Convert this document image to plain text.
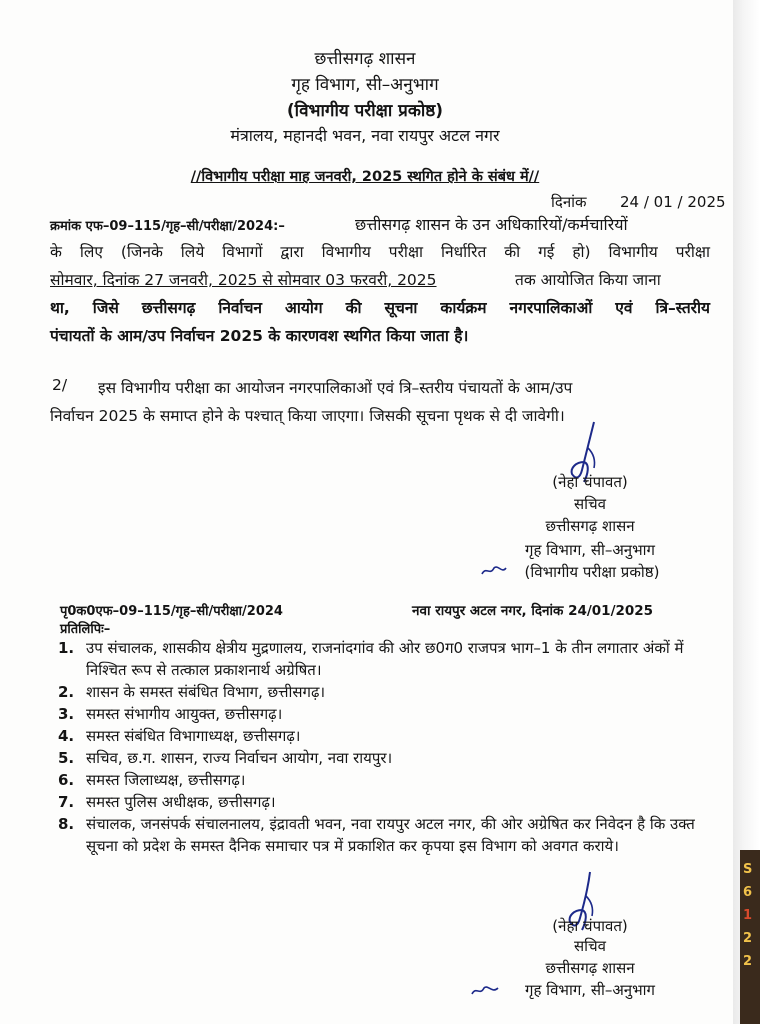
S
6
1
2
2
छत्तीसगढ़ शासन
गृह विभाग, सी–अनुभाग
(विभागीय परीक्षा प्रकोष्ठ)
मंत्रालय, महानदी भवन, नवा रायपुर अटल नगर
//विभागीय परीक्षा माह जनवरी, 2025 स्थगित होने के संबंध में//
दिनांक 24 / 01 / 2025
क्रमांक एफ–09–115/गृह–सी/परीक्षा/2024:–	छत्तीसगढ़ शासन के उन अधिकारियों/कर्मचारियों
के लिए (जिनके लिये विभागों द्वारा विभागीय परीक्षा निर्धारित की गई हो) विभागीय परीक्षा
सोमवार, दिनांक 27 जनवरी, 2025 से सोमवार 03 फरवरी, 2025	तक आयोजित किया जाना
था, जिसे छत्तीसगढ़ निर्वाचन आयोग की सूचना कार्यक्रम नगरपालिकाओं एवं त्रि–स्तरीय
पंचायतों के आम/उप निर्वाचन 2025 के कारणवश स्थगित किया जाता है।
2/ इस विभागीय परीक्षा का आयोजन नगरपालिकाओं एवं त्रि–स्तरीय पंचायतों के आम/उप
निर्वाचन 2025 के समाप्त होने के पश्चात् किया जाएगा। जिसकी सूचना पृथक से दी जावेगी।
(नेहा चंपावत)
सचिव
छत्तीसगढ़ शासन
गृह विभाग, सी–अनुभाग
(विभागीय परीक्षा प्रकोष्ठ)
पृ0क0एफ–09–115/गृह–सी/परीक्षा/2024	नवा रायपुर अटल नगर, दिनांक 24/01/2025
प्रतिलिपिः–
1. उप संचालक, शासकीय क्षेत्रीय मुद्रणालय, राजनांदगांव की ओर छ0ग0 राजपत्र भाग–1 के तीन लगातार अंकों में निश्चित रूप से तत्काल प्रकाशनार्थ अग्रेषित।
2. शासन के समस्त संबंधित विभाग, छत्तीसगढ़।
3. समस्त संभागीय आयुक्त, छत्तीसगढ़।
4. समस्त संबंधित विभागाध्यक्ष, छत्तीसगढ़।
5. सचिव, छ.ग. शासन, राज्य निर्वाचन आयोग, नवा रायपुर।
6. समस्त जिलाध्यक्ष, छत्तीसगढ़।
7. समस्त पुलिस अधीक्षक, छत्तीसगढ़।
8. संचालक, जनसंपर्क संचालनालय, इंद्रावती भवन, नवा रायपुर अटल नगर, की ओर अग्रेषित कर निवेदन है कि उक्त सूचना को प्रदेश के समस्त दैनिक समाचार पत्र में प्रकाशित कर कृपया इस विभाग को अवगत कराये।
(नेहा चंपावत)
सचिव
छत्तीसगढ़ शासन
गृह विभाग, सी–अनुभाग
